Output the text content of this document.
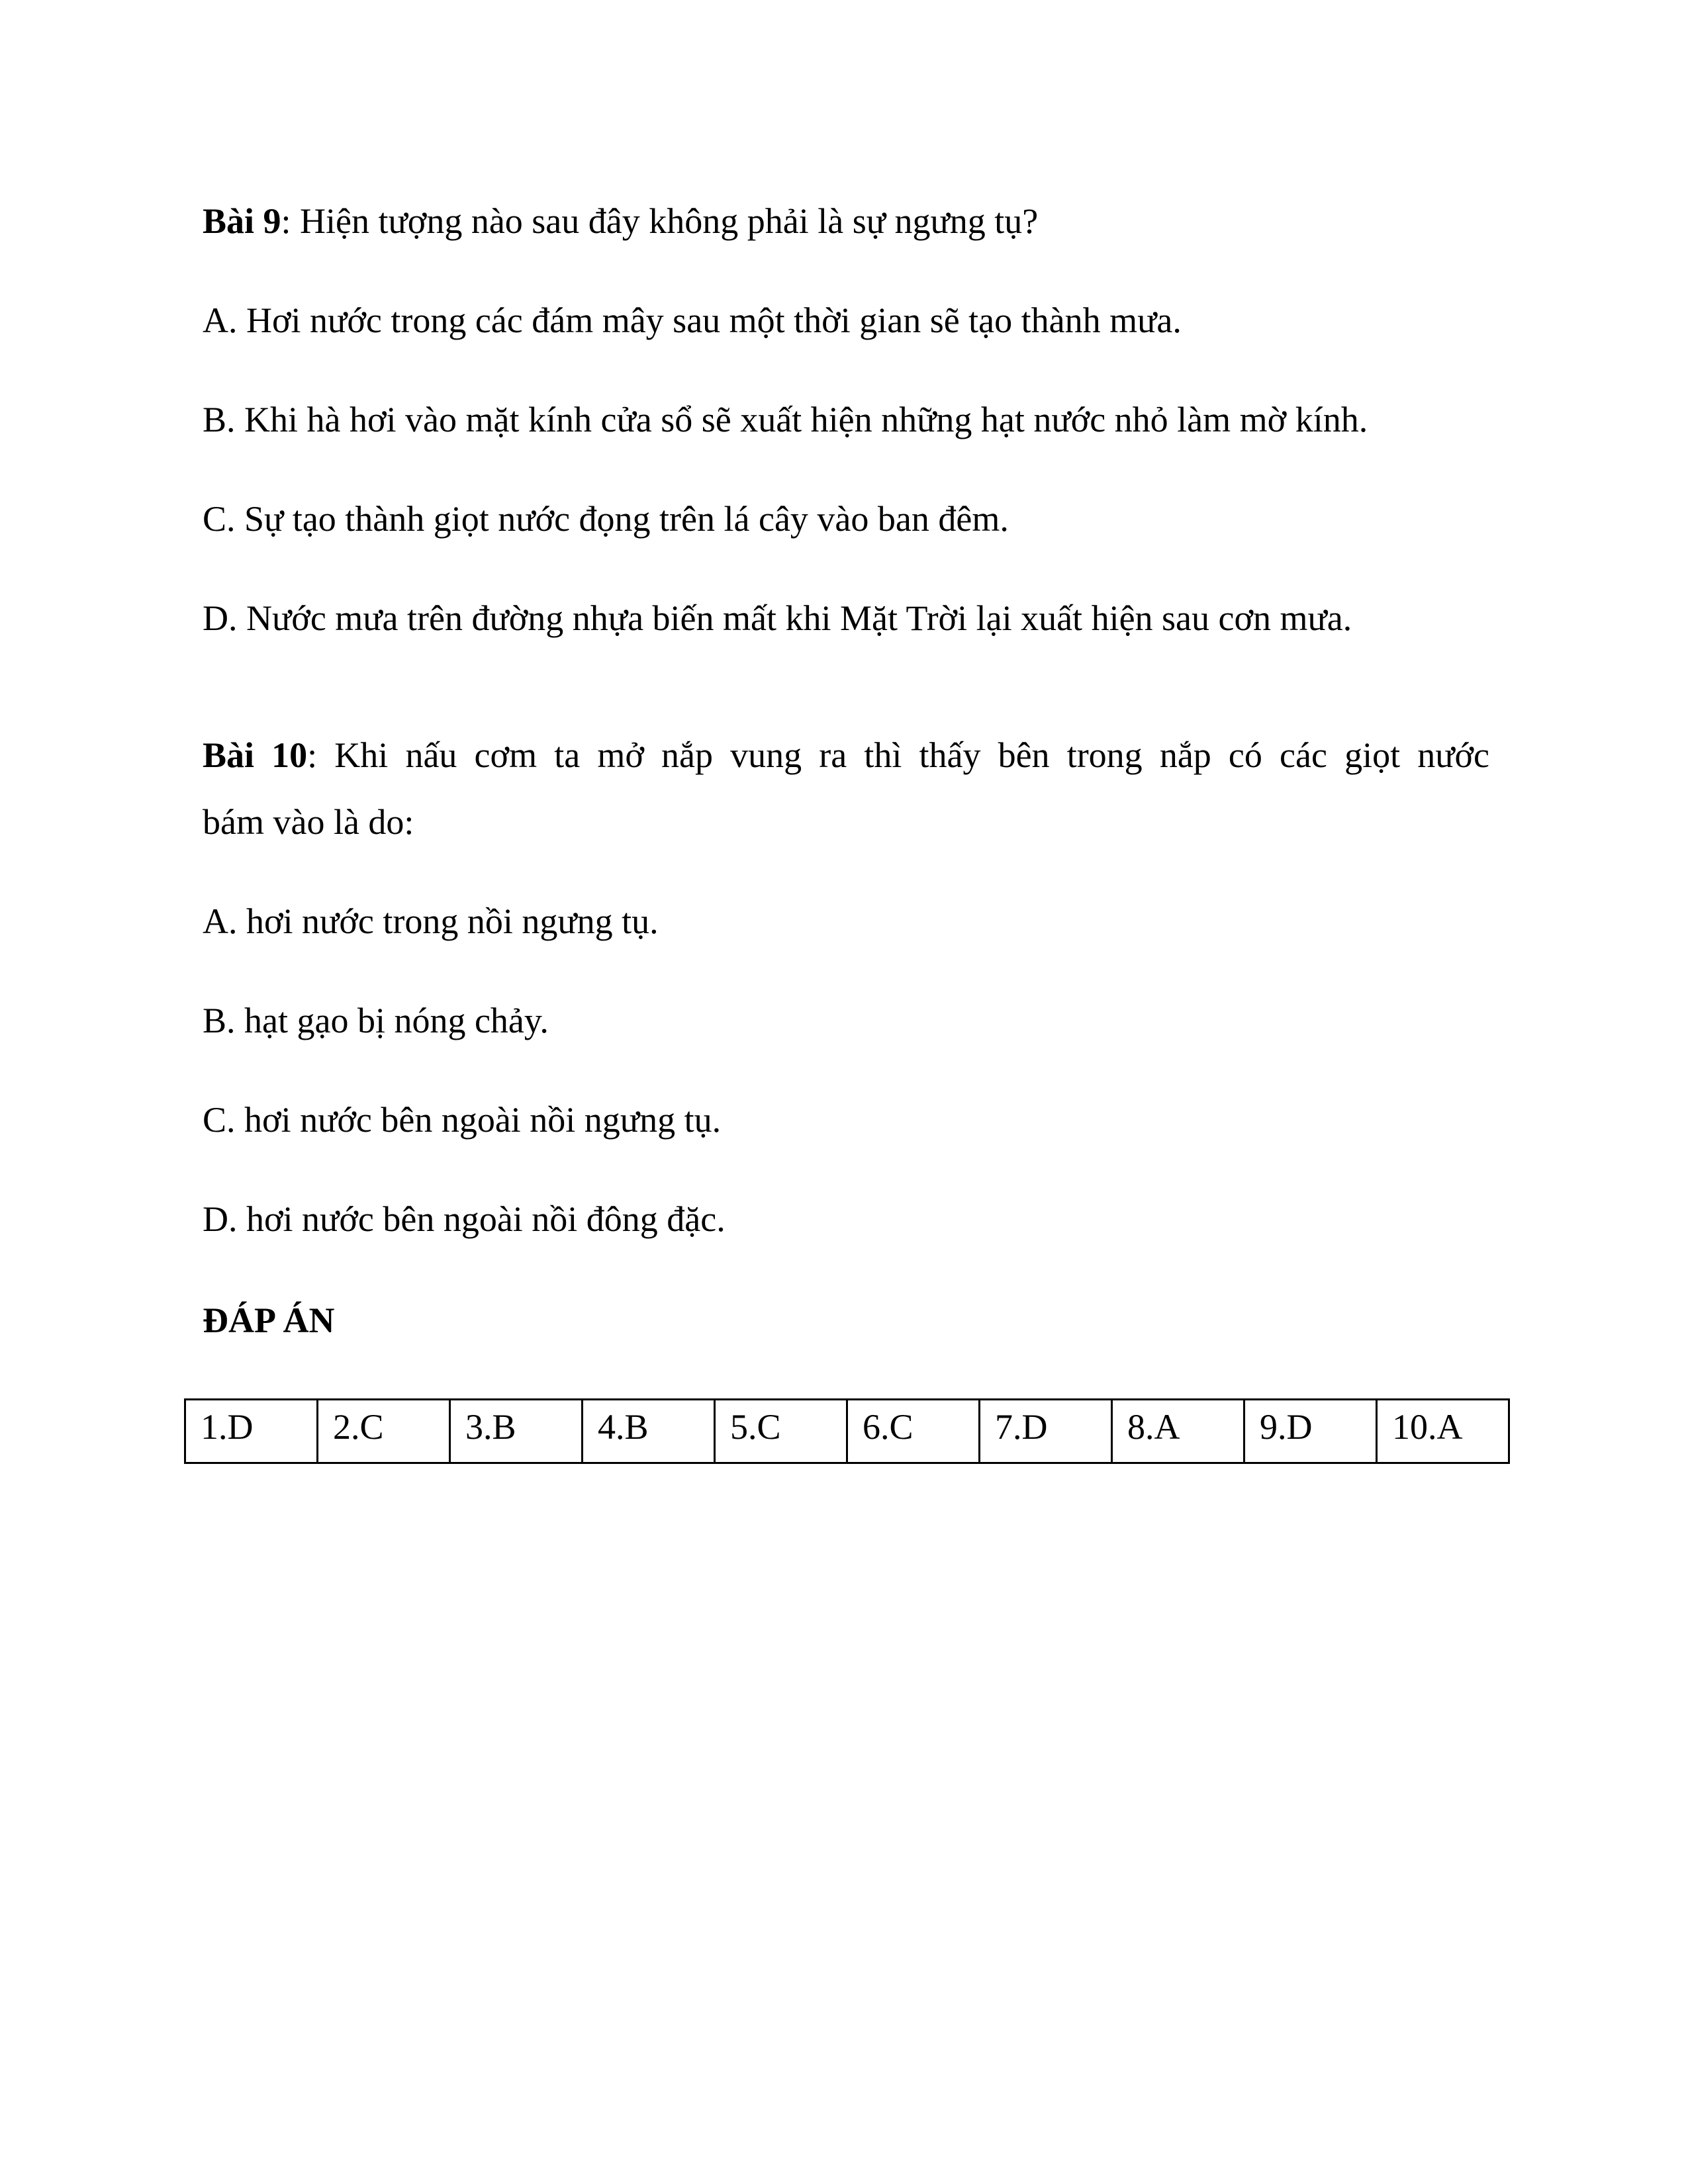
Bài 9: Hiện tượng nào sau đây không phải là sự ngưng tụ?
A. Hơi nước trong các đám mây sau một thời gian sẽ tạo thành mưa.
B. Khi hà hơi vào mặt kính cửa sổ sẽ xuất hiện những hạt nước nhỏ làm mờ kính.
C. Sự tạo thành giọt nước đọng trên lá cây vào ban đêm.
D. Nước mưa trên đường nhựa biến mất khi Mặt Trời lại xuất hiện sau cơn mưa.
Bài 10: Khi nấu cơm ta mở nắp vung ra thì thấy bên trong nắp có các giọt nước
bám vào là do:
A. hơi nước trong nồi ngưng tụ.
B. hạt gạo bị nóng chảy.
C. hơi nước bên ngoài nồi ngưng tụ.
D. hơi nước bên ngoài nồi đông đặc.
ĐÁP ÁN
1.D	2.C	3.B	4.B	5.C	6.C	7.D	8.A	9.D	10.A
